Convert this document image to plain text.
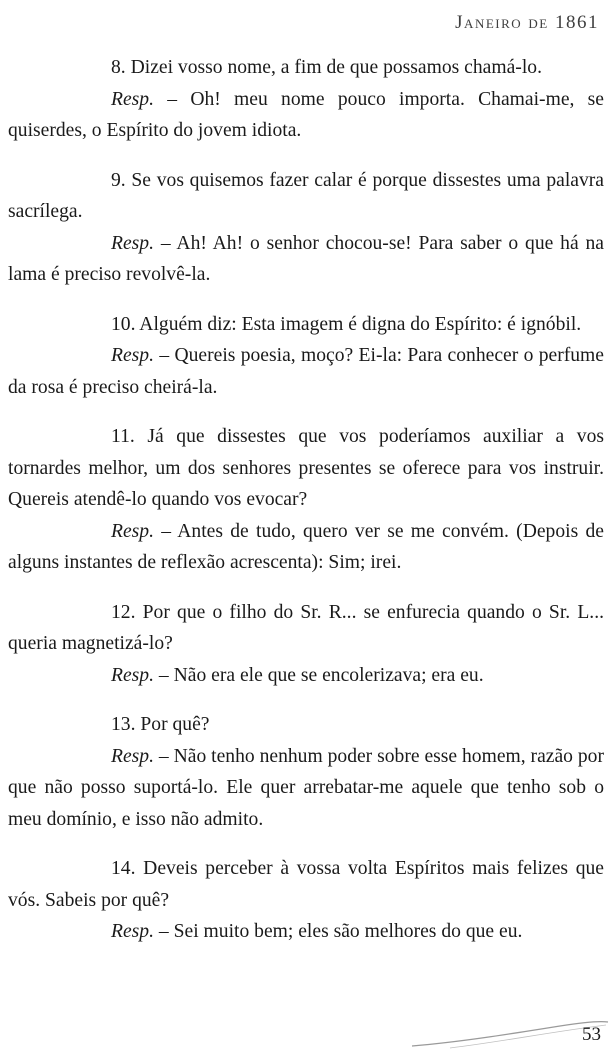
Janeiro de 1861

8. Dizei vosso nome, a fim de que possamos chamá-lo.

Resp. – Oh! meu nome pouco importa. Chamai-me, se quiserdes, o Espírito do jovem idiota.

9. Se vos quisemos fazer calar é porque dissestes uma palavra sacrílega.

Resp. – Ah! Ah! o senhor chocou-se! Para saber o que há na lama é preciso revolvê-la.

10. Alguém diz: Esta imagem é digna do Espírito: é ignóbil.

Resp. – Quereis poesia, moço? Ei-la: Para conhecer o perfume da rosa é preciso cheirá-la.

11. Já que dissestes que vos poderíamos auxiliar a vos tornardes melhor, um dos senhores presentes se oferece para vos instruir. Quereis atendê-lo quando vos evocar?

Resp. – Antes de tudo, quero ver se me convém. (Depois de alguns instantes de reflexão acrescenta): Sim; irei.

12. Por que o filho do Sr. R... se enfurecia quando o Sr. L... queria magnetizá-lo?

Resp. – Não era ele que se encolerizava; era eu.

13. Por quê?

Resp. – Não tenho nenhum poder sobre esse homem, razão por que não posso suportá-lo. Ele quer arrebatar-me aquele que tenho sob o meu domínio, e isso não admito.

14. Deveis perceber à vossa volta Espíritos mais felizes que vós. Sabeis por quê?

Resp. – Sei muito bem; eles são melhores do que eu.

53
